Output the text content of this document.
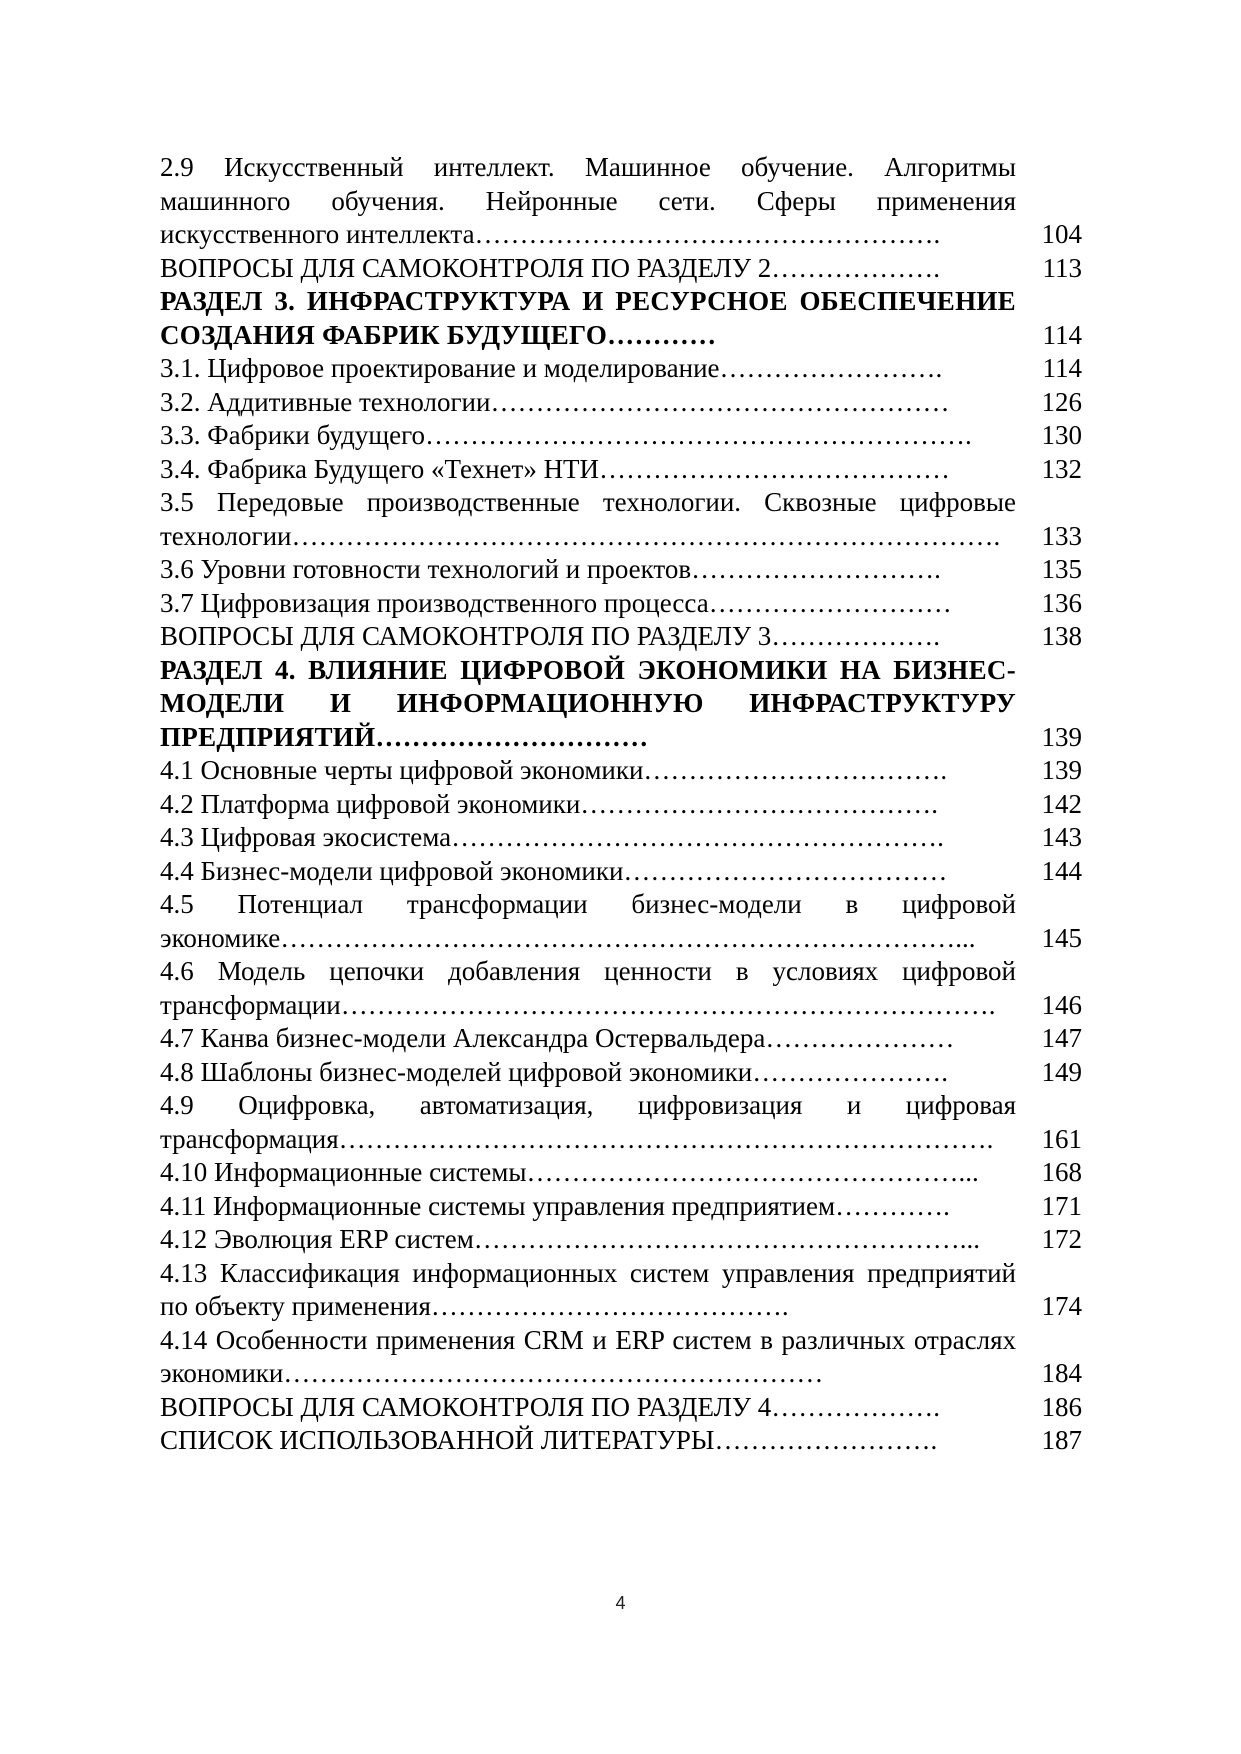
2.9 Искусственный интеллект. Машинное обучение. Алгоритмы машинного обучения. Нейронные сети. Сферы применения искусственного интеллекта…………………………………………….	104
ВОПРОСЫ ДЛЯ САМОКОНТРОЛЯ ПО РАЗДЕЛУ 2……………….	113
РАЗДЕЛ 3. ИНФРАСТРУКТУРА И РЕСУРСНОЕ ОБЕСПЕЧЕНИЕ СОЗДАНИЯ ФАБРИК БУДУЩЕГО…………	114
3.1. Цифровое проектирование и моделирование…………………….	114
3.2. Аддитивные технологии……………………………………………	126
3.3. Фабрики будущего…………………………………………………….	130
3.4. Фабрика Будущего «Технет» НТИ…………………………………	132
3.5 Передовые производственные технологии. Сквозные цифровые технологии…………………………………………………………………….	133
3.6 Уровни готовности технологий и проектов……………………….	135
3.7 Цифровизация производственного процесса………………………	136
ВОПРОСЫ ДЛЯ САМОКОНТРОЛЯ ПО РАЗДЕЛУ 3……………….	138
РАЗДЕЛ 4. ВЛИЯНИЕ ЦИФРОВОЙ ЭКОНОМИКИ НА БИЗНЕС-МОДЕЛИ И ИНФОРМАЦИОННУЮ ИНФРАСТРУКТУРУ ПРЕДПРИЯТИЙ…………………………	139
4.1 Основные черты цифровой экономики…………………………….	139
4.2 Платформа цифровой экономики………………………………….	142
4.3 Цифровая экосистема……………………………………………….	143
4.4 Бизнес-модели цифровой экономики………………………………	144
4.5 Потенциал трансформации бизнес-модели в цифровой экономике…………………………………………………………………...	145
4.6 Модель цепочки добавления ценности в условиях цифровой трансформации……………………………………………………………….	146
4.7 Канва бизнес-модели Александра Остервальдера…………………	147
4.8 Шаблоны бизнес-моделей цифровой экономики………………….	149
4.9 Оцифровка, автоматизация, цифровизация и цифровая трансформация……………………………………………………………….	161
4.10 Информационные системы…………………………………………...	168
4.11 Информационные системы управления предприятием………….	171
4.12 Эволюция ERP систем………………………………………………...	172
4.13 Классификация информационных систем управления предприятий по объекту применения………………………………….	174
4.14 Особенности применения CRM и ERP систем в различных отраслях экономики……………………………………………………	184
ВОПРОСЫ ДЛЯ САМОКОНТРОЛЯ ПО РАЗДЕЛУ 4……………….	186
СПИСОК ИСПОЛЬЗОВАННОЙ ЛИТЕРАТУРЫ…………………….	187
4
